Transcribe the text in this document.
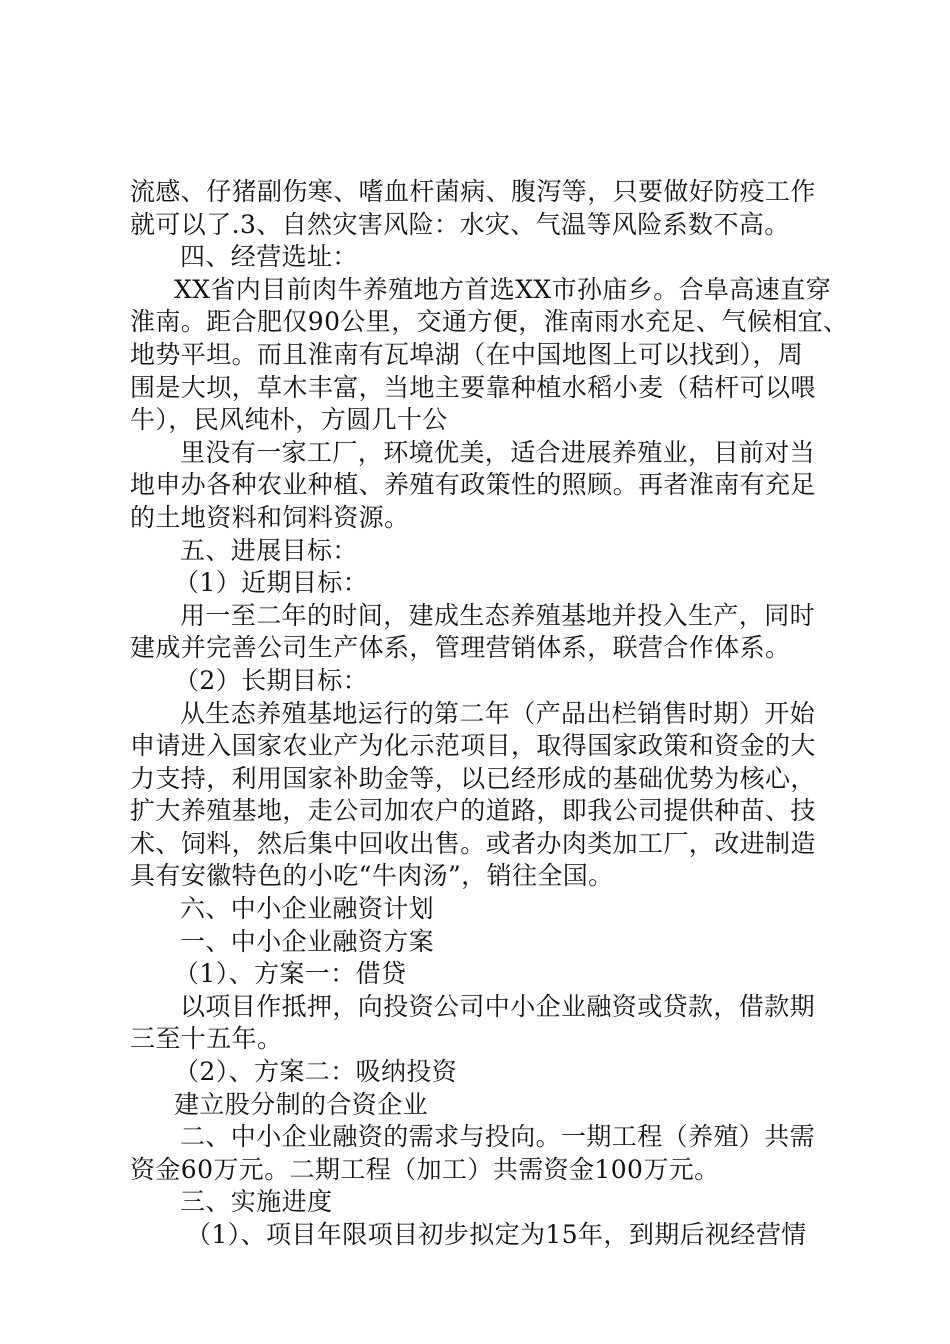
流感、仔猪副伤寒、嗜血杆菌病、腹泻等，只要做好防疫工作
就可以了.3、自然灾害风险：水灾、气温等风险系数不高。
四、经营选址：
XX省内目前肉牛养殖地方首选XX市孙庙乡。合阜高速直穿
淮南。距合肥仅90公里，交通方便，淮南雨水充足、气候相宜、
地势平坦。而且淮南有瓦埠湖（在中国地图上可以找到），周
围是大坝，草木丰富，当地主要靠种植水稻小麦（秸杆可以喂
牛），民风纯朴，方圆几十公
里没有一家工厂，环境优美，适合进展养殖业，目前对当
地申办各种农业种植、养殖有政策性的照顾。再者淮南有充足
的土地资料和饲料资源。
五、进展目标：
（1）近期目标：
用一至二年的时间，建成生态养殖基地并投入生产，同时
建成并完善公司生产体系，管理营销体系，联营合作体系。
（2）长期目标：
从生态养殖基地运行的第二年（产品出栏销售时期）开始
申请进入国家农业产为化示范项目，取得国家政策和资金的大
力支持，利用国家补助金等，以已经形成的基础优势为核心，
扩大养殖基地，走公司加农户的道路，即我公司提供种苗、技
术、饲料，然后集中回收出售。或者办肉类加工厂，改进制造
具有安徽特色的小吃“牛肉汤”，销往全国。
六、中小企业融资计划
一、中小企业融资方案
（1）、方案一：借贷
以项目作抵押，向投资公司中小企业融资或贷款，借款期
三至十五年。
（2）、方案二：吸纳投资
建立股分制的合资企业
二、中小企业融资的需求与投向。一期工程（养殖）共需
资金60万元。二期工程（加工）共需资金100万元。
三、实施进度
（1）、项目年限项目初步拟定为15年，到期后视经营情
